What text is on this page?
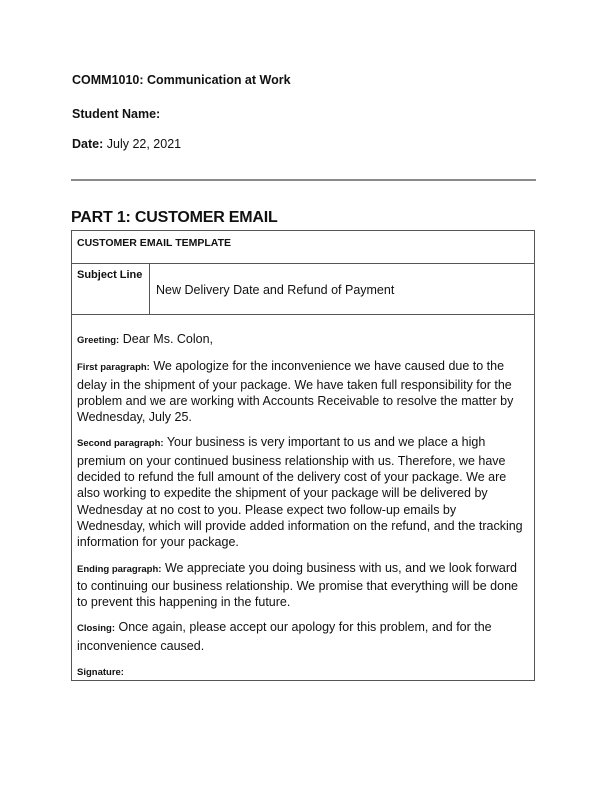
COMM1010: Communication at Work
Student Name:
Date: July 22, 2021
PART 1: CUSTOMER EMAIL
CUSTOMER EMAIL TEMPLATE
Subject Line
New Delivery Date and Refund of Payment

Greeting: Dear Ms. Colon,

First paragraph: We apologize for the inconvenience we have caused due to the delay in the shipment of your package. We have taken full responsibility for the problem and we are working with Accounts Receivable to resolve the matter by Wednesday, July 25.

Second paragraph: Your business is very important to us and we place a high premium on your continued business relationship with us. Therefore, we have decided to refund the full amount of the delivery cost of your package. We are also working to expedite the shipment of your package will be delivered by Wednesday at no cost to you. Please expect two follow-up emails by Wednesday, which will provide added information on the refund, and the tracking information for your package.

Ending paragraph: We appreciate you doing business with us, and we look forward to continuing our business relationship. We promise that everything will be done to prevent this happening in the future.

Closing: Once again, please accept our apology for this problem, and for the inconvenience caused.

Signature:
